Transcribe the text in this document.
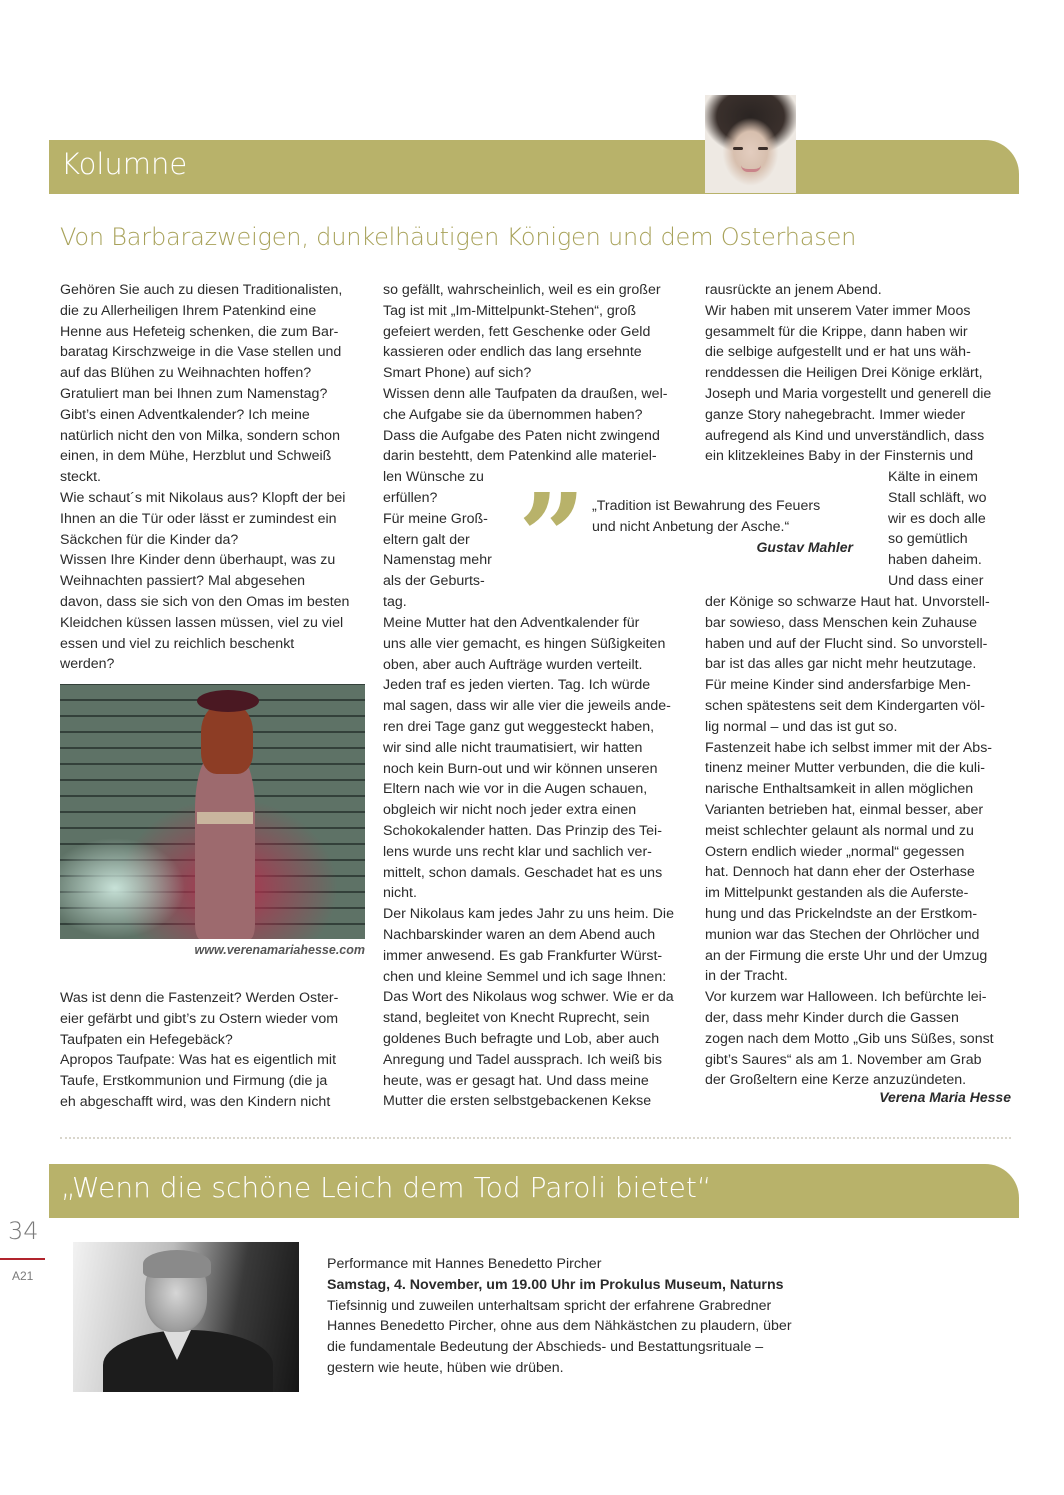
Kolumne
Von Barbarazweigen, dunkelhäutigen Königen und dem Osterhasen

Gehören Sie auch zu diesen Traditionalisten,
die zu Allerheiligen Ihrem Patenkind eine
Henne aus Hefeteig schenken, die zum Bar-
baratag Kirschzweige in die Vase stellen und
auf das Blühen zu Weihnachten hoffen?
Gratuliert man bei Ihnen zum Namenstag?
Gibt’s einen Adventkalender? Ich meine
natürlich nicht den von Milka, sondern schon
einen, in dem Mühe, Herzblut und Schweiß
steckt.
Wie schaut´s mit Nikolaus aus? Klopft der bei
Ihnen an die Tür oder lässt er zumindest ein
Säckchen für die Kinder da?
Wissen Ihre Kinder denn überhaupt, was zu
Weihnachten passiert? Mal abgesehen
davon, dass sie sich von den Omas im besten
Kleidchen küssen lassen müssen, viel zu viel
essen und viel zu reichlich beschenkt
werden?

www.verenamariahesse.com

Was ist denn die Fastenzeit? Werden Oster-
eier gefärbt und gibt’s zu Ostern wieder vom
Taufpaten ein Hefegebäck?
Apropos Taufpate: Was hat es eigentlich mit
Taufe, Erstkommunion und Firmung (die ja
eh abgeschafft wird, was den Kindern nicht

so gefällt, wahrscheinlich, weil es ein großer
Tag ist mit „Im-Mittelpunkt-Stehen“, groß
gefeiert werden, fett Geschenke oder Geld
kassieren oder endlich das lang ersehnte
Smart Phone) auf sich?
Wissen denn alle Taufpaten da draußen, wel-
che Aufgabe sie da übernommen haben?
Dass die Aufgabe des Paten nicht zwingend
darin bestehtt, dem Patenkind alle materiel-
len Wünsche zu

erfüllen?
Für meine Groß-
eltern galt der
Namenstag mehr
als der Geburts-
tag.

Meine Mutter hat den Adventkalender für
uns alle vier gemacht, es hingen Süßigkeiten
oben, aber auch Aufträge wurden verteilt.
Jeden traf es jeden vierten. Tag. Ich würde
mal sagen, dass wir alle vier die jeweils ande-
ren drei Tage ganz gut weggesteckt haben,
wir sind alle nicht traumatisiert, wir hatten
noch kein Burn-out und wir können unseren
Eltern nach wie vor in die Augen schauen,
obgleich wir nicht noch jeder extra einen
Schokokalender hatten. Das Prinzip des Tei-
lens wurde uns recht klar und sachlich ver-
mittelt, schon damals. Geschadet hat es uns
nicht.
Der Nikolaus kam jedes Jahr zu uns heim. Die
Nachbarskinder waren an dem Abend auch
immer anwesend. Es gab Frankfurter Würst-
chen und kleine Semmel und ich sage Ihnen:
Das Wort des Nikolaus wog schwer. Wie er da
stand, begleitet von Knecht Ruprecht, sein
goldenes Buch befragte und Lob, aber auch
Anregung und Tadel aussprach. Ich weiß bis
heute, was er gesagt hat. Und dass meine
Mutter die ersten selbstgebackenen Kekse

” „Tradition ist Bewahrung des Feuers
und nicht Anbetung der Asche.“
Gustav Mahler

rausrückte an jenem Abend.
Wir haben mit unserem Vater immer Moos
gesammelt für die Krippe, dann haben wir
die selbige aufgestellt und er hat uns wäh-
renddessen die Heiligen Drei Könige erklärt,
Joseph und Maria vorgestellt und generell die
ganze Story nahegebracht. Immer wieder
aufregend als Kind und unverständlich, dass
ein klitzekleines Baby in der Finsternis und

Kälte in einem
Stall schläft, wo
wir es doch alle
so gemütlich
haben daheim.
Und dass einer

der Könige so schwarze Haut hat. Unvorstell-
bar sowieso, dass Menschen kein Zuhause
haben und auf der Flucht sind. So unvorstell-
bar ist das alles gar nicht mehr heutzutage.
Für meine Kinder sind andersfarbige Men-
schen spätestens seit dem Kindergarten völ-
lig normal – und das ist gut so.
Fastenzeit habe ich selbst immer mit der Abs-
tinenz meiner Mutter verbunden, die die kuli-
narische Enthaltsamkeit in allen möglichen
Varianten betrieben hat, einmal besser, aber
meist schlechter gelaunt als normal und zu
Ostern endlich wieder „normal“ gegessen
hat. Dennoch hat dann eher der Osterhase
im Mittelpunkt gestanden als die Auferste-
hung und das Prickelndste an der Erstkom-
munion war das Stechen der Ohrlöcher und
an der Firmung die erste Uhr und der Umzug
in der Tracht.
Vor kurzem war Halloween. Ich befürchte lei-
der, dass mehr Kinder durch die Gassen
zogen nach dem Motto „Gib uns Süßes, sonst
gibt’s Saures“ als am 1. November am Grab
der Großeltern eine Kerze anzuzündeten.

Verena Maria Hesse
„Wenn die schöne Leich dem Tod Paroli bietet“
34
A21
Performance mit Hannes Benedetto Pircher
Samstag, 4. November, um 19.00 Uhr im Prokulus Museum, Naturns
Tiefsinnig und zuweilen unterhaltsam spricht der erfahrene Grabredner
Hannes Benedetto Pircher, ohne aus dem Nähkästchen zu plaudern, über
die fundamentale Bedeutung der Abschieds- und Bestattungsrituale –
gestern wie heute, hüben wie drüben.
